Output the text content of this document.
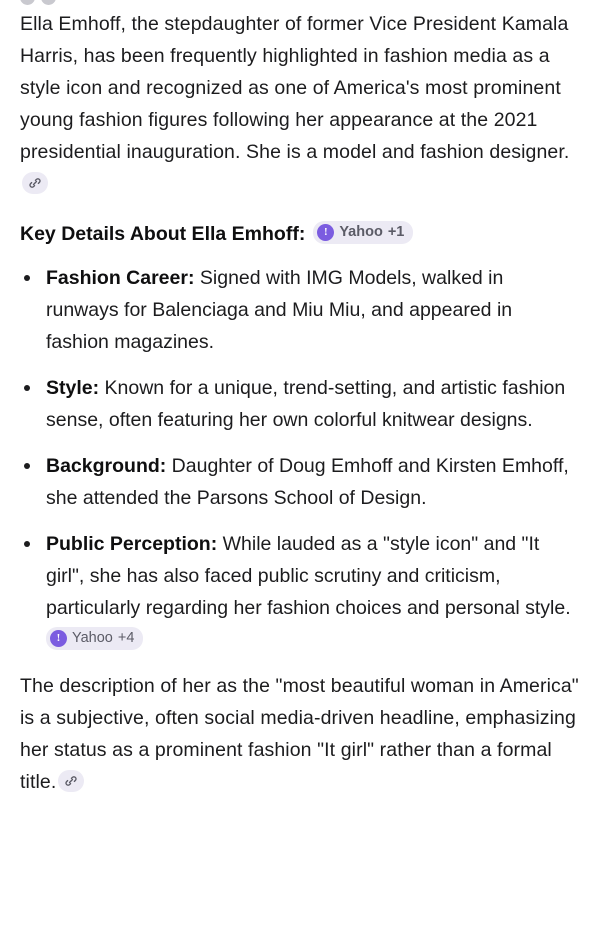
Ella Emhoff, the stepdaughter of former Vice President Kamala Harris, has been frequently highlighted in fashion media as a style icon and recognized as one of America's most prominent young fashion figures following her appearance at the 2021 presidential inauguration. She is a model and fashion designer.

Key Details About Ella Emhoff:	! Yahoo +1
Fashion Career: Signed with IMG Models, walked in runways for Balenciaga and Miu Miu, and appeared in fashion magazines.
Style: Known for a unique, trend-setting, and artistic fashion sense, often featuring her own colorful knitwear designs.
Background: Daughter of Doug Emhoff and Kirsten Emhoff, she attended the Parsons School of Design.
Public Perception: While lauded as a "style icon" and "It girl", she has also faced public scrutiny and criticism, particularly regarding her fashion choices and personal style.
! Yahoo +4

The description of her as the "most beautiful woman in America" is a subjective, often social media-driven headline, emphasizing her status as a prominent fashion "It girl" rather than a formal title.
